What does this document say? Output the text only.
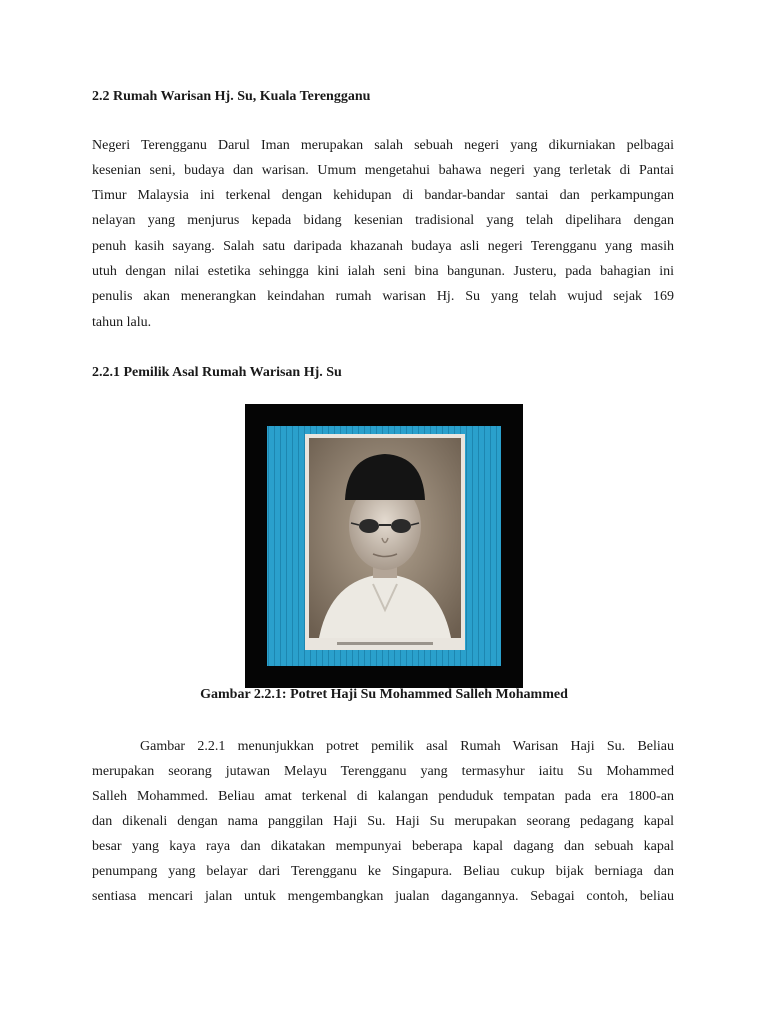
2.2 Rumah Warisan Hj. Su, Kuala Terengganu
Negeri Terengganu Darul Iman merupakan salah sebuah negeri yang dikurniakan pelbagai
kesenian seni, budaya dan warisan. Umum mengetahui bahawa negeri yang terletak di Pantai
Timur Malaysia ini terkenal dengan kehidupan di bandar-bandar santai dan perkampungan
nelayan yang menjurus kepada bidang kesenian tradisional yang telah dipelihara dengan
penuh kasih sayang. Salah satu daripada khazanah budaya asli negeri Terengganu yang masih
utuh dengan nilai estetika sehingga kini ialah seni bina bangunan. Justeru, pada bahagian ini
penulis akan menerangkan keindahan rumah warisan Hj. Su yang telah wujud sejak 169
tahun lalu.
2.2.1 Pemilik Asal Rumah Warisan Hj. Su
Gambar 2.2.1: Potret Haji Su Mohammed Salleh Mohammed
Gambar 2.2.1 menunjukkan potret pemilik asal Rumah Warisan Haji Su. Beliau
merupakan seorang jutawan Melayu Terengganu yang termasyhur iaitu Su Mohammed
Salleh Mohammed. Beliau amat terkenal di kalangan penduduk tempatan pada era 1800-an
dan dikenali dengan nama panggilan Haji Su. Haji Su merupakan seorang pedagang kapal
besar yang kaya raya dan dikatakan mempunyai beberapa kapal dagang dan sebuah kapal
penumpang yang belayar dari Terengganu ke Singapura. Beliau cukup bijak berniaga dan
sentiasa mencari jalan untuk mengembangkan jualan dagangannya. Sebagai contoh, beliau
